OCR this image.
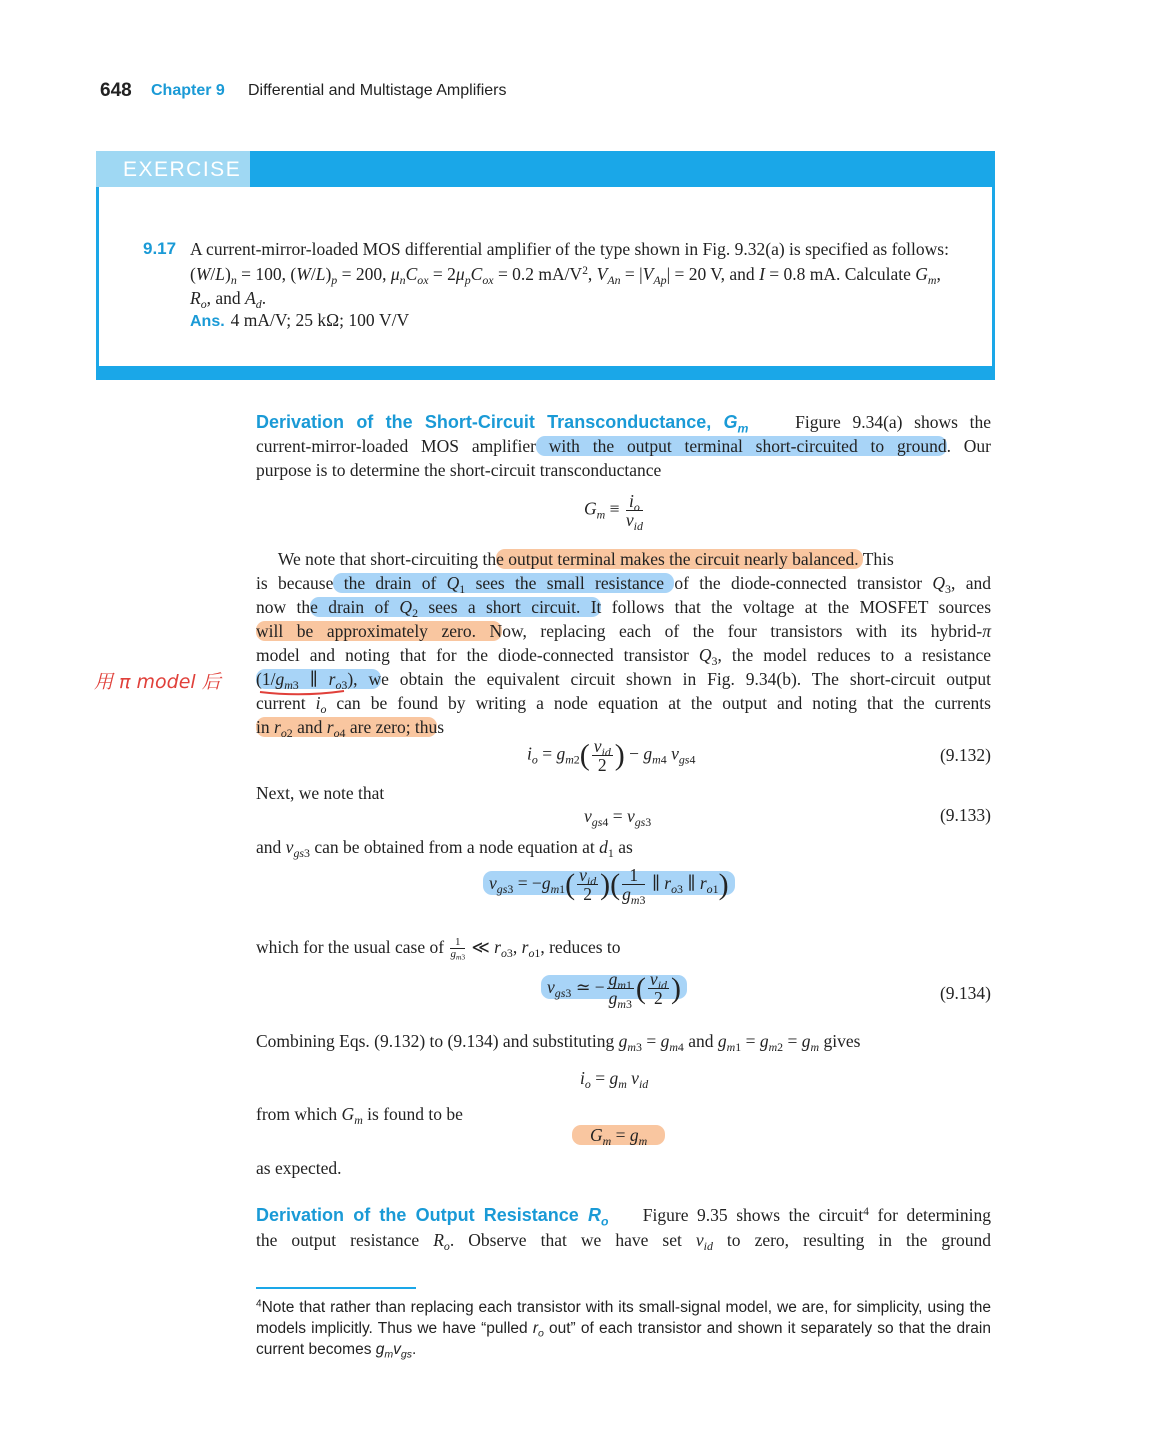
648 Chapter 9 Differential and Multistage Amplifiers
EXERCISE
9.17 A current-mirror-loaded MOS differential amplifier of the type shown in Fig. 9.32(a) is specified as follows: $(W/L)_n = 100$, $(W/L)_p = 200$, $\mu_nC_{ox} = 2\mu_pC_{ox} = 0.2$ $mA/V^2$, $V_{An} = |V_{Ap}| = 20$ V, and I = 0.8 mA. Calculate $G_m$, $R_o$, and $A_d$.
Ans. 4 mA/V; 25 kΩ; 100 V/V
Derivation of the Short-Circuit Transconductance, $G_m$	Figure 9.34(a) shows the
current-mirror-loaded MOS amplifier with the output terminal short-circuited to ground. Our
purpose is to determine the short-circuit transconductance
$G_m \equiv \frac{i_o}{v_{id}}$
We note that short-circuiting the output terminal makes the circuit nearly balanced. This
is because the drain of $Q_1$ sees the small resistance of the diode-connected transistor $Q_3$, and
now the drain of $Q_2$ sees a short circuit. It follows that the voltage at the MOSFET sources
will be approximately zero. Now, replacing each of the four transistors with its hybrid-π
model and noting that for the diode-connected transistor $Q_3$, the model reduces to a resistance
($1/g_{m3}$ ∥ $r_{o3}$), we obtain the equivalent circuit shown in Fig. 9.34(b). The short-circuit output
current $i_o$ can be found by writing a node equation at the output and noting that the currents
in $r_{o2}$ and $r_{o4}$ are zero; thus
用 π model 后
$i_o = g_{m2}( \frac{v_{id}}{2}$ ) − $g_{m4}$ $v_{gs4}$	(9.132)
Next, we note that
$v_{gs4} = v_{gs3}$	(9.133)
and $v_{gs3}$ can be obtained from a node equation at $d_1$ as
$v_{gs3} = -g_{m1}( \frac{v_{id}}{2}$ )( $\frac{1}{g_{m3}}$ ∥ $r_{o3}$ ∥ $r_{o1}$)
which for the usual case of $\frac{1}{g_{m3}}$ ≪ $r_{o3}$, $r_{o1}$, reduces to
$v_{gs3}$ ≃ − $\frac{g_{m1}}{g_{m3}}$ ( $\frac{v_{id}}{2}$ )	(9.134)
Combining Eqs. (9.132) to (9.134) and substituting $g_{m3} = g_{m4}$ and $g_{m1} = g_{m2} = g_m$ gives
$i_o = g_m$ $v_{id}$
from which $G_m$ is found to be
$G_m = g_m$
as expected.
Derivation of the Output Resistance $R_o$ Figure 9.35 shows the circuit$^4$ for determining
the output resistance $R_o$. Observe that we have set $v_{id}$ to zero, resulting in the ground
$^4$Note that rather than replacing each transistor with its small-signal model, we are, for simplicity, using the models implicitly. Thus we have “pulled $r_o$ out” of each transistor and shown it separately so that the drain current becomes $g_mv_{gs}$.
